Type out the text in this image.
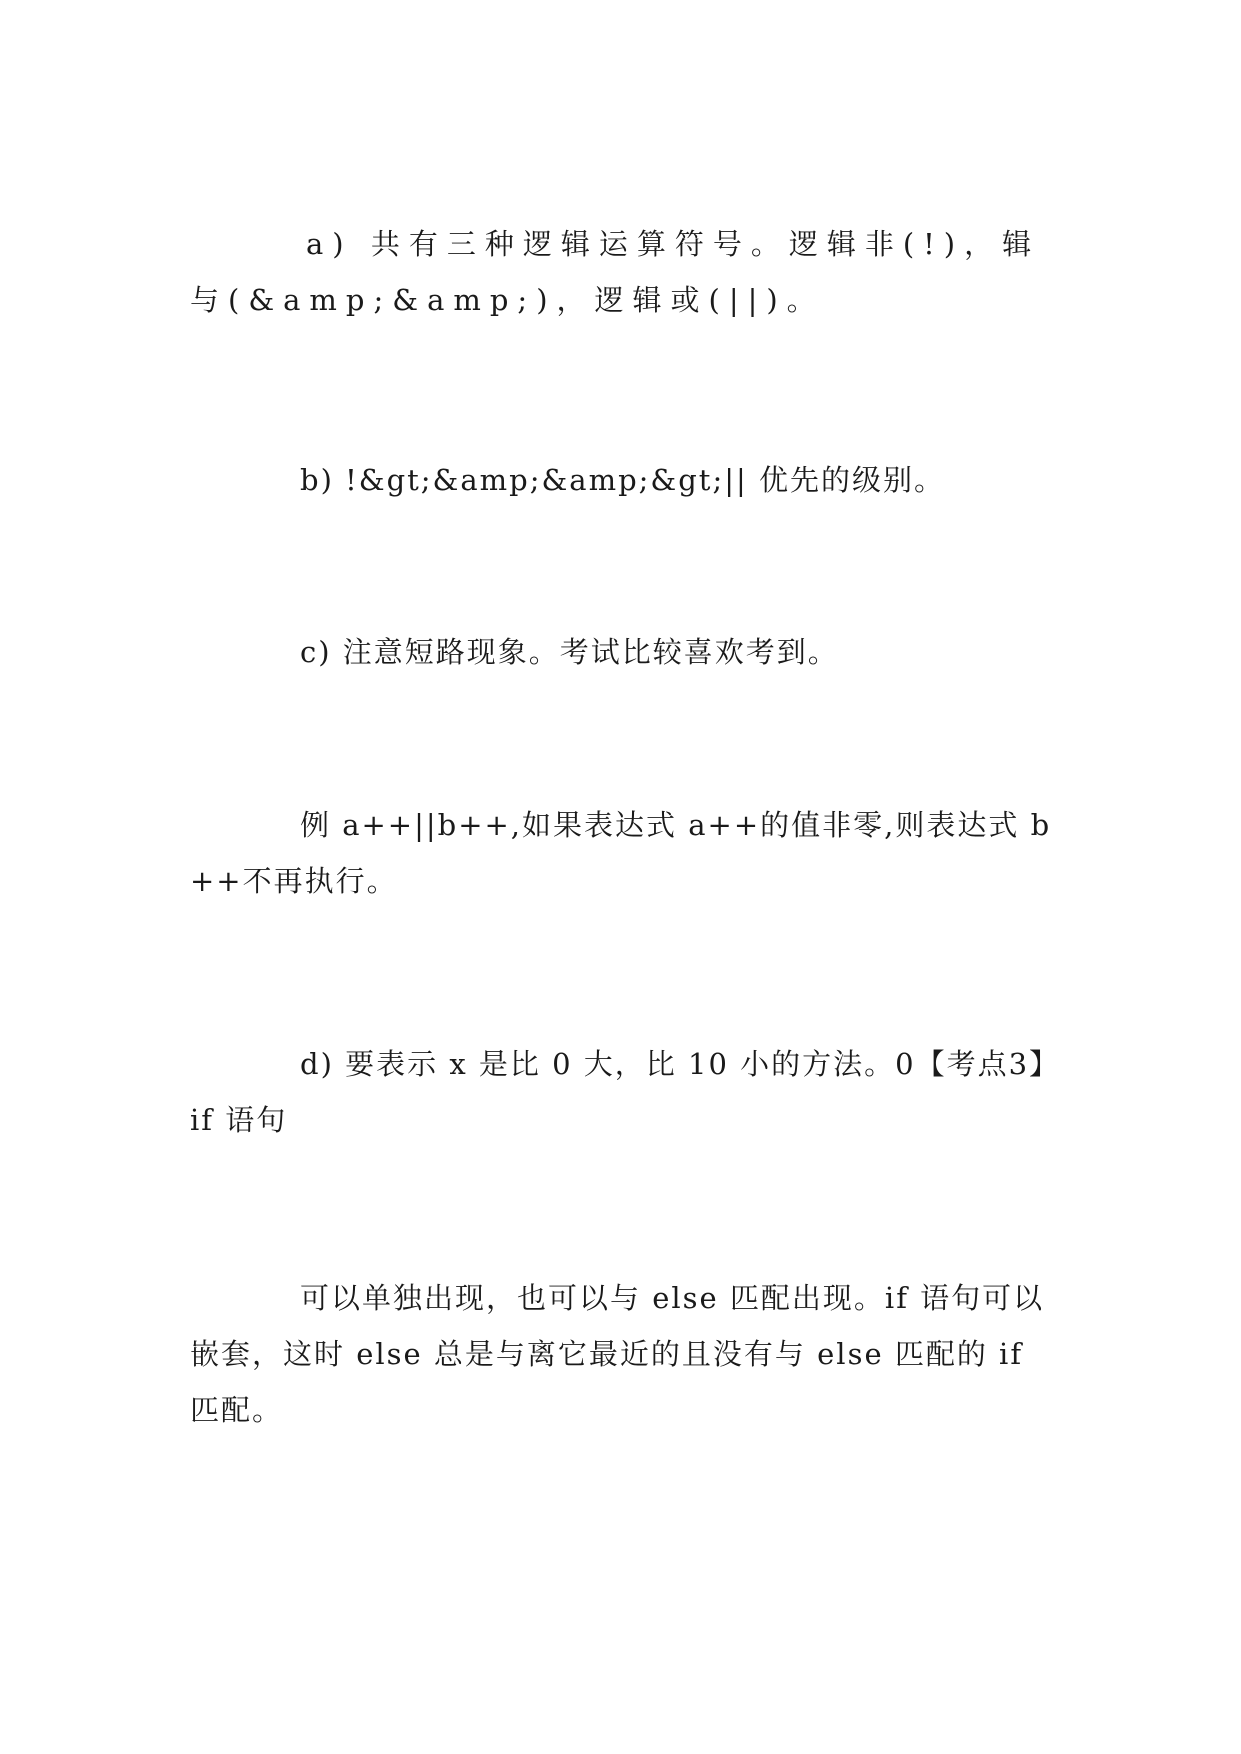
a) 共有三种逻辑运算符号。逻辑非(!)，辑与(&amp;&amp;)，逻辑或(||)。
b) !&gt;&amp;&amp;&gt;|| 优先的级别。
c) 注意短路现象。考试比较喜欢考到。
例 a++||b++,如果表达式 a++的值非零,则表达式 b++不再执行。
d) 要表示 x 是比 0 大，比 10 小的方法。0【考点3】if 语句
可以单独出现，也可以与 else 匹配出现。if 语句可以嵌套，这时 else 总是与离它最近的且没有与 else 匹配的 if 匹配。
